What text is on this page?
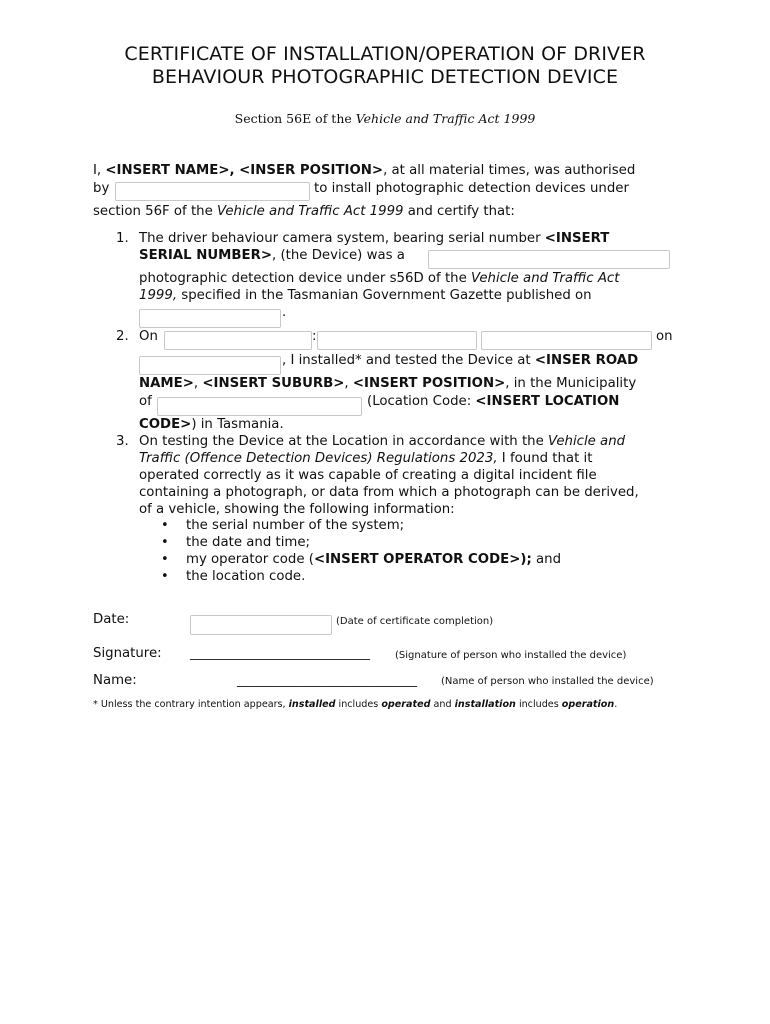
CERTIFICATE OF INSTALLATION/OPERATION OF DRIVER
BEHAVIOUR PHOTOGRAPHIC DETECTION DEVICE
Section 56E of the Vehicle and Traffic Act 1999
I, <INSERT NAME>, <INSER POSITION>, at all material times, was authorised
by	to install photographic detection devices under
section 56F of the Vehicle and Traffic Act 1999 and certify that:
1. The driver behaviour camera system, bearing serial number <INSERT
SERIAL NUMBER>, (the Device) was a
photographic detection device under s56D of the Vehicle and Traffic Act
1999, specified in the Tasmanian Government Gazette published on
.
2. On	:	on
, I installed* and tested the Device at <INSER ROAD
NAME>, <INSERT SUBURB>, <INSERT POSITION>, in the Municipality
of	(Location Code: <INSERT LOCATION
CODE>) in Tasmania.
3. On testing the Device at the Location in accordance with the Vehicle and
Traffic (Offence Detection Devices) Regulations 2023, I found that it
operated correctly as it was capable of creating a digital incident file
containing a photograph, or data from which a photograph can be derived,
of a vehicle, showing the following information:
• the serial number of the system;
• the date and time;
• my operator code (<INSERT OPERATOR CODE>); and
• the location code.
Date:	(Date of certificate completion)
Signature: ______________________________	(Signature of person who installed the device)
Name:	______________________________ (Name of person who installed the device)
* Unless the contrary intention appears, installed includes operated and installation includes operation.
